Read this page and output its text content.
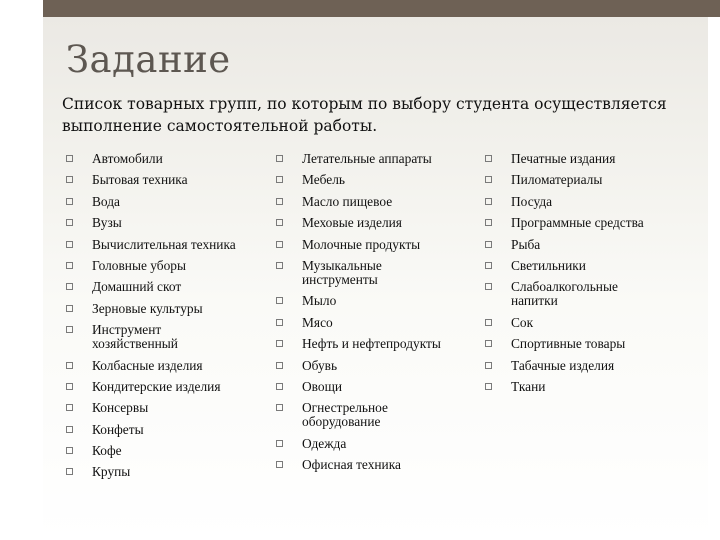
Задание

Список товарных групп, по которым по выбору студента осуществляется выполнение самостоятельной работы.

Автомобили
Бытовая техника
Вода
Вузы
Вычислительная техника
Головные уборы
Домашний скот
Зерновые культуры
Инструмент
хозяйственный
Колбасные изделия
Кондитерские изделия
Консервы
Конфеты
Кофе
Крупы
Летательные аппараты
Мебель
Масло пищевое
Меховые изделия
Молочные продукты
Музыкальные
инструменты
Мыло
Мясо
Нефть и нефтепродукты
Обувь
Овощи
Огнестрельное
оборудование
Одежда
Офисная техника
Печатные издания
Пиломатериалы
Посуда
Программные средства
Рыба
Светильники
Слабоалкогольные
напитки
Сок
Спортивные товары
Табачные изделия
Ткани
